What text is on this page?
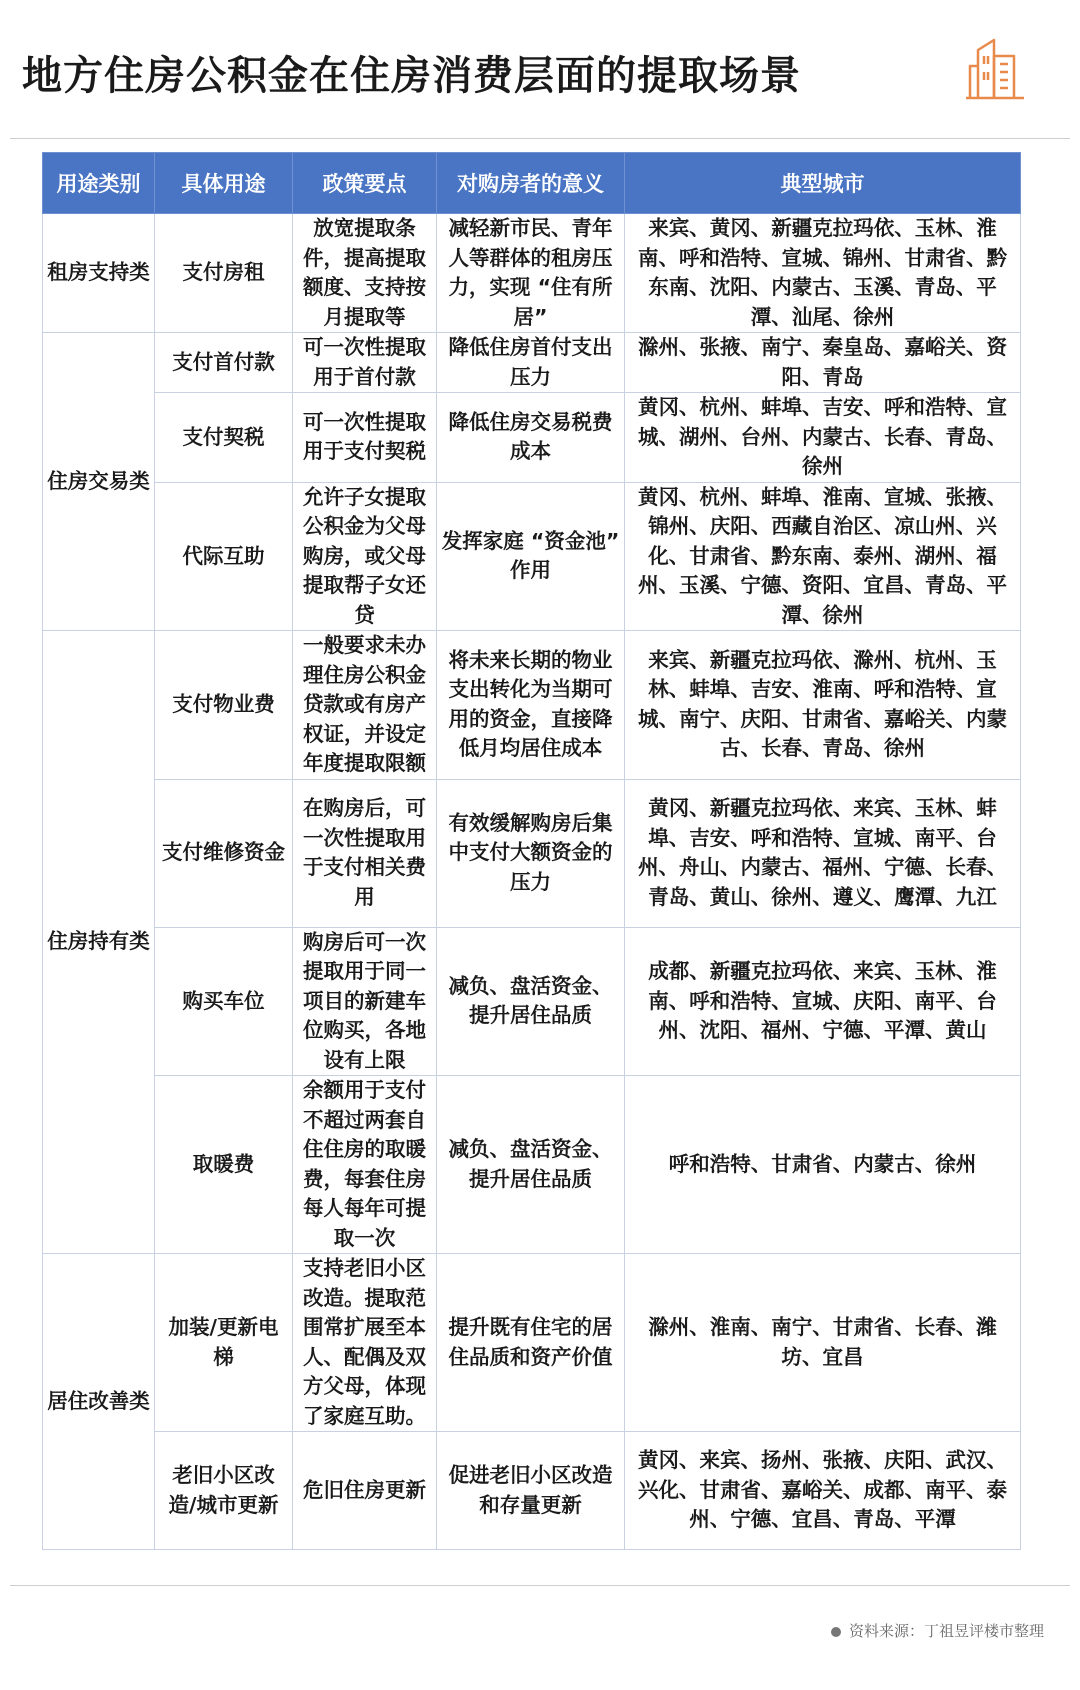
地方住房公积金在住房消费层面的提取场景
用途类别	具体用途	政策要点	对购房者的意义	典型城市
租房支持类	支付房租	放宽提取条件，提高提取额度、支持按月提取等	减轻新市民、青年人等群体的租房压力，实现 “住有所居”	来宾、黄冈、新疆克拉玛依、玉林、淮南、呼和浩特、宣城、锦州、甘肃省、黔东南、沈阳、内蒙古、玉溪、青岛、平潭、汕尾、徐州
住房交易类	支付首付款	可一次性提取用于首付款	降低住房首付支出压力	滁州、张掖、南宁、秦皇岛、嘉峪关、资阳、青岛
	支付契税	可一次性提取用于支付契税	降低住房交易税费成本	黄冈、杭州、蚌埠、吉安、呼和浩特、宣城、湖州、台州、内蒙古、长春、青岛、徐州
	代际互助	允许子女提取公积金为父母购房，或父母提取帮子女还贷	发挥家庭 “资金池” 作用	黄冈、杭州、蚌埠、淮南、宣城、张掖、锦州、庆阳、西藏自治区、凉山州、兴化、甘肃省、黔东南、泰州、湖州、福州、玉溪、宁德、资阳、宜昌、青岛、平潭、徐州
住房持有类	支付物业费	一般要求未办理住房公积金贷款或有房产权证，并设定年度提取限额	将未来长期的物业支出转化为当期可用的资金，直接降低月均居住成本	来宾、新疆克拉玛依、滁州、杭州、玉林、蚌埠、吉安、淮南、呼和浩特、宣城、南宁、庆阳、甘肃省、嘉峪关、内蒙古、长春、青岛、徐州
	支付维修资金	在购房后，可一次性提取用于支付相关费用	有效缓解购房后集中支付大额资金的压力	黄冈、新疆克拉玛依、来宾、玉林、蚌埠、吉安、呼和浩特、宣城、南平、台州、舟山、内蒙古、福州、宁德、长春、青岛、黄山、徐州、遵义、鹰潭、九江
	购买车位	购房后可一次提取用于同一项目的新建车位购买，各地设有上限	减负、盘活资金、提升居住品质	成都、新疆克拉玛依、来宾、玉林、淮南、呼和浩特、宣城、庆阳、南平、台州、沈阳、福州、宁德、平潭、黄山
	取暖费	余额用于支付不超过两套自住住房的取暖费，每套住房每人每年可提取一次	减负、盘活资金、提升居住品质	呼和浩特、甘肃省、内蒙古、徐州
居住改善类	加装/更新电梯	支持老旧小区改造。提取范围常扩展至本人、配偶及双方父母，体现了家庭互助。	提升既有住宅的居住品质和资产价值	滁州、淮南、南宁、甘肃省、长春、潍坊、宜昌
	老旧小区改造/城市更新	危旧住房更新	促进老旧小区改造和存量更新	黄冈、来宾、扬州、张掖、庆阳、武汉、兴化、甘肃省、嘉峪关、成都、南平、泰州、宁德、宜昌、青岛、平潭
资料来源：丁祖昱评楼市整理
